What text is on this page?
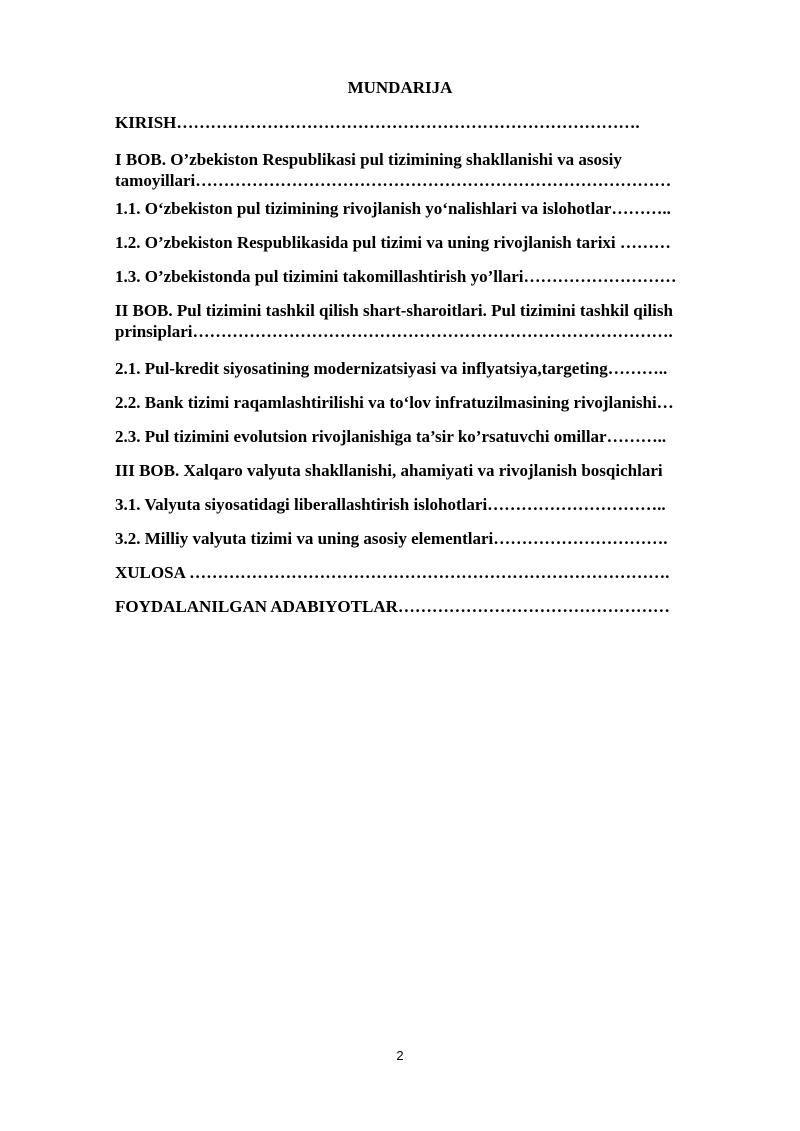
MUNDARIJA
KIRISH……………………………………………………………………….
I BOB. O’zbekiston Respublikasi pul tizimining shakllanishi va asosiy tamoyillari…………………………………………………………………………
1.1. O‘zbekiston pul tizimining rivojlanish yo‘nalishlari va islohotlar………..
1.2. O’zbekiston Respublikasida pul tizimi va uning rivojlanish tarixi ………
1.3. O’zbekistonda pul tizimini takomillashtirish yo’llari………………………
II BOB. Pul tizimini tashkil qilish shart-sharoitlari. Pul tizimini tashkil qilish prinsiplari………………………………………………………………………….
2.1. Pul-kredit siyosatining modernizatsiyasi va inflyatsiya,targeting………..
2.2. Bank tizimi raqamlashtirilishi va to‘lov infratuzilmasining rivojlanishi…
2.3. Pul tizimini evolutsion rivojlanishiga ta’sir ko’rsatuvchi omillar………..
III BOB. Xalqaro valyuta shakllanishi, ahamiyati va rivojlanish bosqichlari
3.1. Valyuta siyosatidagi liberallashtirish islohotlari…………………………..
3.2. Milliy valyuta tizimi va uning asosiy elementlari………………………….
XULOSA ………………………………………………………………………….
FOYDALANILGAN ADABIYOTLAR…………………………………………
2
